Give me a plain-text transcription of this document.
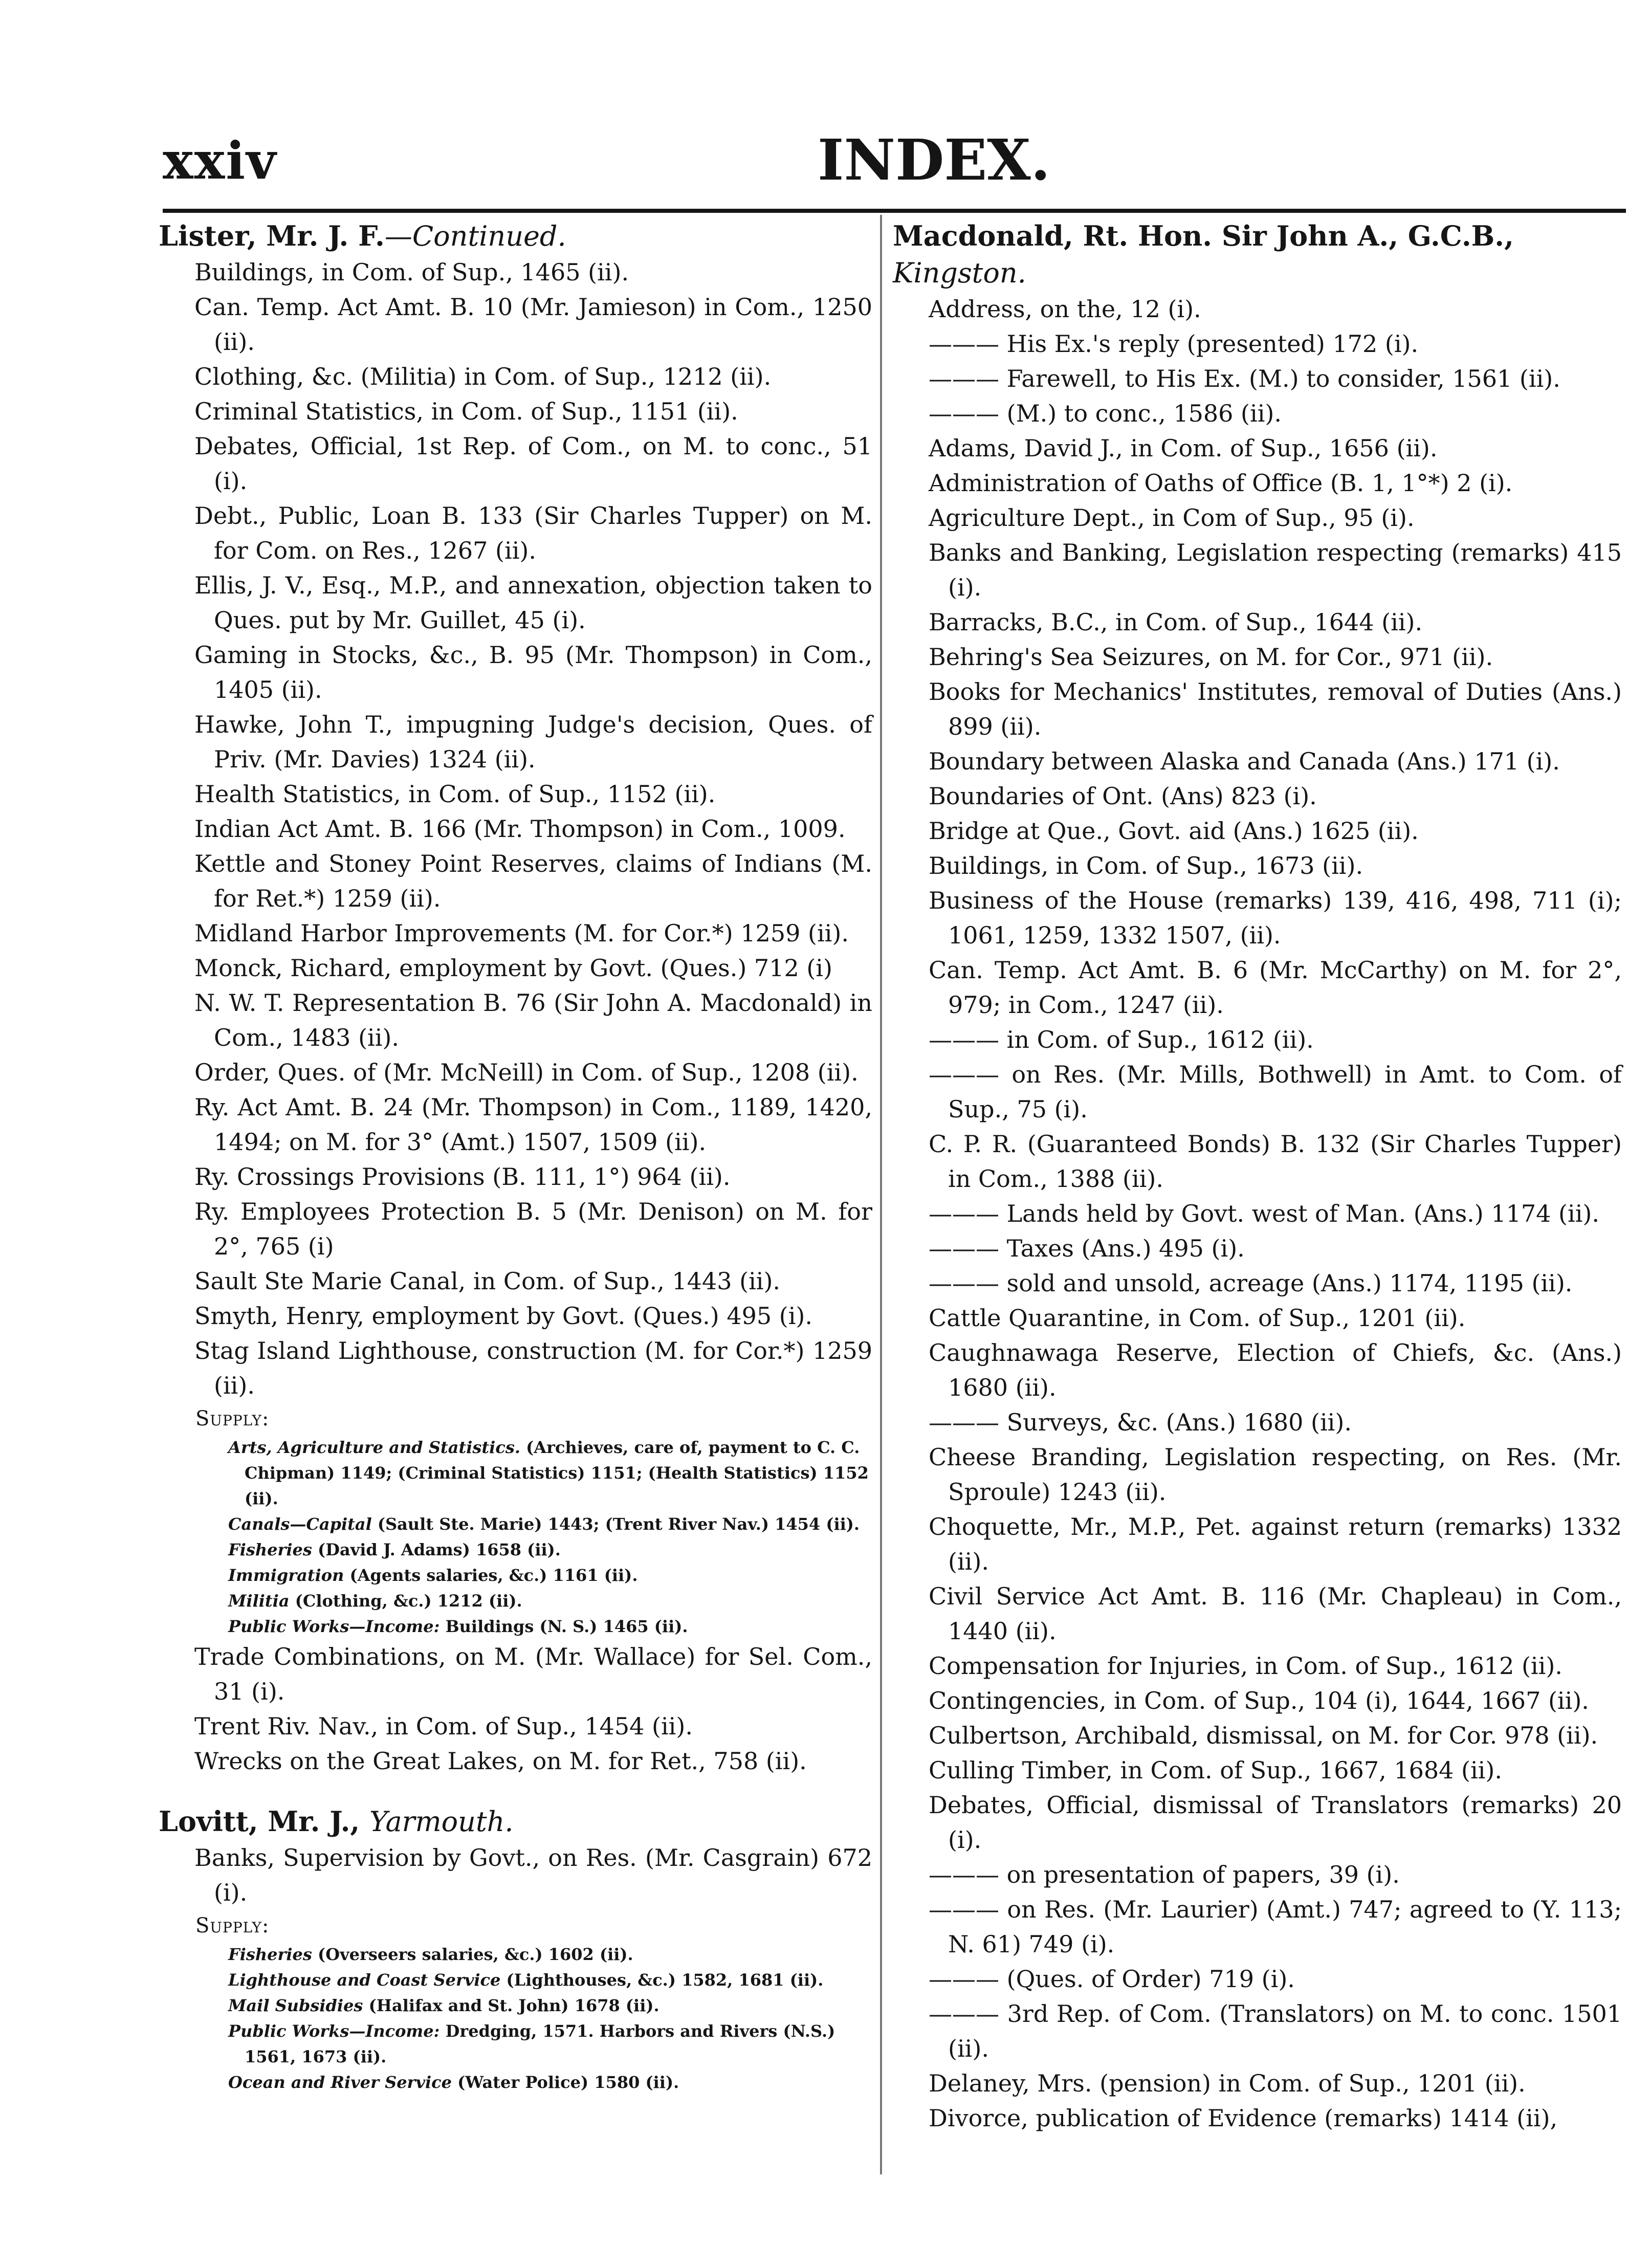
xxiv	INDEX.
Lister, Mr. J. F.—Continued.
Buildings, in Com. of Sup., 1465 (ii).
Can. Temp. Act Amt. B. 10 (Mr. Jamieson) in Com., 1250 (ii).
Clothing, &c. (Militia) in Com. of Sup., 1212 (ii).
Criminal Statistics, in Com. of Sup., 1151 (ii).
Debates, Official, 1st Rep. of Com., on M. to conc., 51 (i).
Debt., Public, Loan B. 133 (Sir Charles Tupper) on M. for Com. on Res., 1267 (ii).
Ellis, J. V., Esq., M.P., and annexation, objection taken to Ques. put by Mr. Guillet, 45 (i).
Gaming in Stocks, &c., B. 95 (Mr. Thompson) in Com., 1405 (ii).
Hawke, John T., impugning Judge's decision, Ques. of Priv. (Mr. Davies) 1324 (ii).
Health Statistics, in Com. of Sup., 1152 (ii).
Indian Act Amt. B. 166 (Mr. Thompson) in Com., 1009.
Kettle and Stoney Point Reserves, claims of Indians (M. for Ret.*) 1259 (ii).
Midland Harbor Improvements (M. for Cor.*) 1259 (ii).
Monck, Richard, employment by Govt. (Ques.) 712 (i)
N. W. T. Representation B. 76 (Sir John A. Macdonald) in Com., 1483 (ii).
Order, Ques. of (Mr. McNeill) in Com. of Sup., 1208 (ii).
Ry. Act Amt. B. 24 (Mr. Thompson) in Com., 1189, 1420, 1494; on M. for 3° (Amt.) 1507, 1509 (ii).
Ry. Crossings Provisions (B. 111, 1°) 964 (ii).
Ry. Employees Protection B. 5 (Mr. Denison) on M. for 2°, 765 (i)
Sault Ste Marie Canal, in Com. of Sup., 1443 (ii).
Smyth, Henry, employment by Govt. (Ques.) 495 (i).
Stag Island Lighthouse, construction (M. for Cor.*) 1259 (ii).
Supply:
Arts, Agriculture and Statistics. (Archieves, care of, payment to C. C. Chipman) 1149; (Criminal Statistics) 1151; (Health Statistics) 1152 (ii).
Canals—Capital (Sault Ste. Marie) 1443; (Trent River Nav.) 1454 (ii).
Fisheries (David J. Adams) 1658 (ii).
Immigration (Agents salaries, &c.) 1161 (ii).
Militia (Clothing, &c.) 1212 (ii).
Public Works—Income: Buildings (N. S.) 1465 (ii).
Trade Combinations, on M. (Mr. Wallace) for Sel. Com., 31 (i).
Trent Riv. Nav., in Com. of Sup., 1454 (ii).
Wrecks on the Great Lakes, on M. for Ret., 758 (ii).
Lovitt, Mr. J., Yarmouth.
Banks, Supervision by Govt., on Res. (Mr. Casgrain) 672 (i).
Supply:
Fisheries (Overseers salaries, &c.) 1602 (ii).
Lighthouse and Coast Service (Lighthouses, &c.) 1582, 1681 (ii).
Mail Subsidies (Halifax and St. John) 1678 (ii).
Public Works—Income: Dredging, 1571. Harbors and Rivers (N.S.) 1561, 1673 (ii).
Ocean and River Service (Water Police) 1580 (ii).
Macdonald, Rt. Hon. Sir John A., G.C.B., Kingston.
Address, on the, 12 (i).
——— His Ex.'s reply (presented) 172 (i).
——— Farewell, to His Ex. (M.) to consider, 1561 (ii).
——— (M.) to conc., 1586 (ii).
Adams, David J., in Com. of Sup., 1656 (ii).
Administration of Oaths of Office (B. 1, 1°*) 2 (i).
Agriculture Dept., in Com of Sup., 95 (i).
Banks and Banking, Legislation respecting (remarks) 415 (i).
Barracks, B.C., in Com. of Sup., 1644 (ii).
Behring's Sea Seizures, on M. for Cor., 971 (ii).
Books for Mechanics' Institutes, removal of Duties (Ans.) 899 (ii).
Boundary between Alaska and Canada (Ans.) 171 (i).
Boundaries of Ont. (Ans) 823 (i).
Bridge at Que., Govt. aid (Ans.) 1625 (ii).
Buildings, in Com. of Sup., 1673 (ii).
Business of the House (remarks) 139, 416, 498, 711 (i); 1061, 1259, 1332 1507, (ii).
Can. Temp. Act Amt. B. 6 (Mr. McCarthy) on M. for 2°, 979; in Com., 1247 (ii).
——— in Com. of Sup., 1612 (ii).
——— on Res. (Mr. Mills, Bothwell) in Amt. to Com. of Sup., 75 (i).
C. P. R. (Guaranteed Bonds) B. 132 (Sir Charles Tupper) in Com., 1388 (ii).
——— Lands held by Govt. west of Man. (Ans.) 1174 (ii).
——— Taxes (Ans.) 495 (i).
——— sold and unsold, acreage (Ans.) 1174, 1195 (ii).
Cattle Quarantine, in Com. of Sup., 1201 (ii).
Caughnawaga Reserve, Election of Chiefs, &c. (Ans.) 1680 (ii).
——— Surveys, &c. (Ans.) 1680 (ii).
Cheese Branding, Legislation respecting, on Res. (Mr. Sproule) 1243 (ii).
Choquette, Mr., M.P., Pet. against return (remarks) 1332 (ii).
Civil Service Act Amt. B. 116 (Mr. Chapleau) in Com., 1440 (ii).
Compensation for Injuries, in Com. of Sup., 1612 (ii).
Contingencies, in Com. of Sup., 104 (i), 1644, 1667 (ii).
Culbertson, Archibald, dismissal, on M. for Cor. 978 (ii).
Culling Timber, in Com. of Sup., 1667, 1684 (ii).
Debates, Official, dismissal of Translators (remarks) 20 (i).
——— on presentation of papers, 39 (i).
——— on Res. (Mr. Laurier) (Amt.) 747; agreed to (Y. 113; N. 61) 749 (i).
——— (Ques. of Order) 719 (i).
——— 3rd Rep. of Com. (Translators) on M. to conc. 1501 (ii).
Delaney, Mrs. (pension) in Com. of Sup., 1201 (ii).
Divorce, publication of Evidence (remarks) 1414 (ii),
